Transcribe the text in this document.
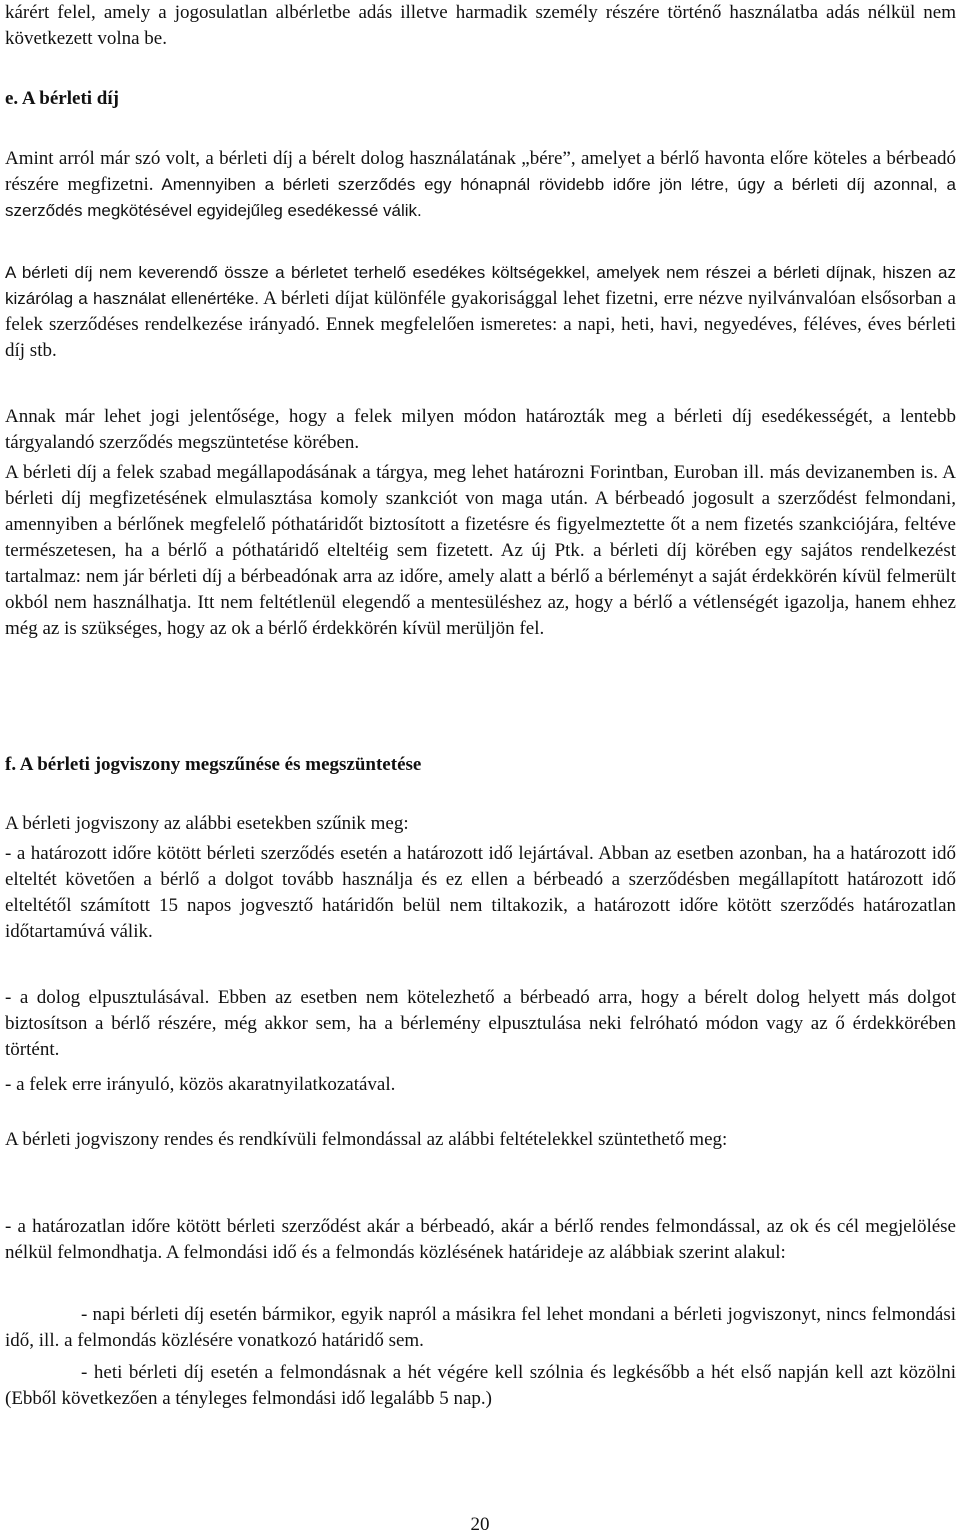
kárért felel, amely a jogosulatlan albérletbe adás illetve harmadik személy részére történő használatba adás nélkül nem következett volna be.

e. A bérleti díj

Amint arról már szó volt, a bérleti díj a bérelt dolog használatának „bére”, amelyet a bérlő havonta előre köteles a bérbeadó részére megfizetni. Amennyiben a bérleti szerződés egy hónapnál rövidebb időre jön létre, úgy a bérleti díj azonnal, a szerződés megkötésével egyidejűleg esedékessé válik.

A bérleti díj nem keverendő össze a bérletet terhelő esedékes költségekkel, amelyek nem részei a bérleti díjnak, hiszen az kizárólag a használat ellenértéke. A bérleti díjat különféle gyakorisággal lehet fizetni, erre nézve nyilvánvalóan elsősorban a felek szerződéses rendelkezése irányadó. Ennek megfelelően ismeretes: a napi, heti, havi, negyedéves, féléves, éves bérleti díj stb.

Annak már lehet jogi jelentősége, hogy a felek milyen módon határozták meg a bérleti díj esedékességét, a lentebb tárgyalandó szerződés megszüntetése körében.

A bérleti díj a felek szabad megállapodásának a tárgya, meg lehet határozni Forintban, Euroban ill. más devizanemben is. A bérleti díj megfizetésének elmulasztása komoly szankciót von maga után. A bérbeadó jogosult a szerződést felmondani, amennyiben a bérlőnek megfelelő póthatáridőt biztosított a fizetésre és figyelmeztette őt a nem fizetés szankciójára, feltéve természetesen, ha a bérlő a póthatáridő elteltéig sem fizetett. Az új Ptk. a bérleti díj körében egy sajátos rendelkezést tartalmaz: nem jár bérleti díj a bérbeadónak arra az időre, amely alatt a bérlő a bérleményt a saját érdekkörén kívül felmerült okból nem használhatja. Itt nem feltétlenül elegendő a mentesüléshez az, hogy a bérlő a vétlenségét igazolja, hanem ehhez még az is szükséges, hogy az ok a bérlő érdekkörén kívül merüljön fel.

f. A bérleti jogviszony megszűnése és megszüntetése

A bérleti jogviszony az alábbi esetekben szűnik meg:

- a határozott időre kötött bérleti szerződés esetén a határozott idő lejártával. Abban az esetben azonban, ha a határozott idő elteltét követően a bérlő a dolgot tovább használja és ez ellen a bérbeadó a szerződésben megállapított határozott idő elteltétől számított 15 napos jogvesztő határidőn belül nem tiltakozik, a határozott időre kötött szerződés határozatlan időtartamúvá válik.

- a dolog elpusztulásával. Ebben az esetben nem kötelezhető a bérbeadó arra, hogy a bérelt dolog helyett más dolgot biztosítson a bérlő részére, még akkor sem, ha a bérlemény elpusztulása neki felróható módon vagy az ő érdekkörében történt.

- a felek erre irányuló, közös akaratnyilatkozatával.

A bérleti jogviszony rendes és rendkívüli felmondással az alábbi feltételekkel szüntethető meg:

- a határozatlan időre kötött bérleti szerződést akár a bérbeadó, akár a bérlő rendes felmondással, az ok és cél megjelölése nélkül felmondhatja. A felmondási idő és a felmondás közlésének határideje az alábbiak szerint alakul:

- napi bérleti díj esetén bármikor, egyik napról a másikra fel lehet mondani a bérleti jogviszonyt, nincs felmondási idő, ill. a felmondás közlésére vonatkozó határidő sem.

- heti bérleti díj esetén a felmondásnak a hét végére kell szólnia és legkésőbb a hét első napján kell azt közölni (Ebből következően a tényleges felmondási idő legalább 5 nap.)

20
